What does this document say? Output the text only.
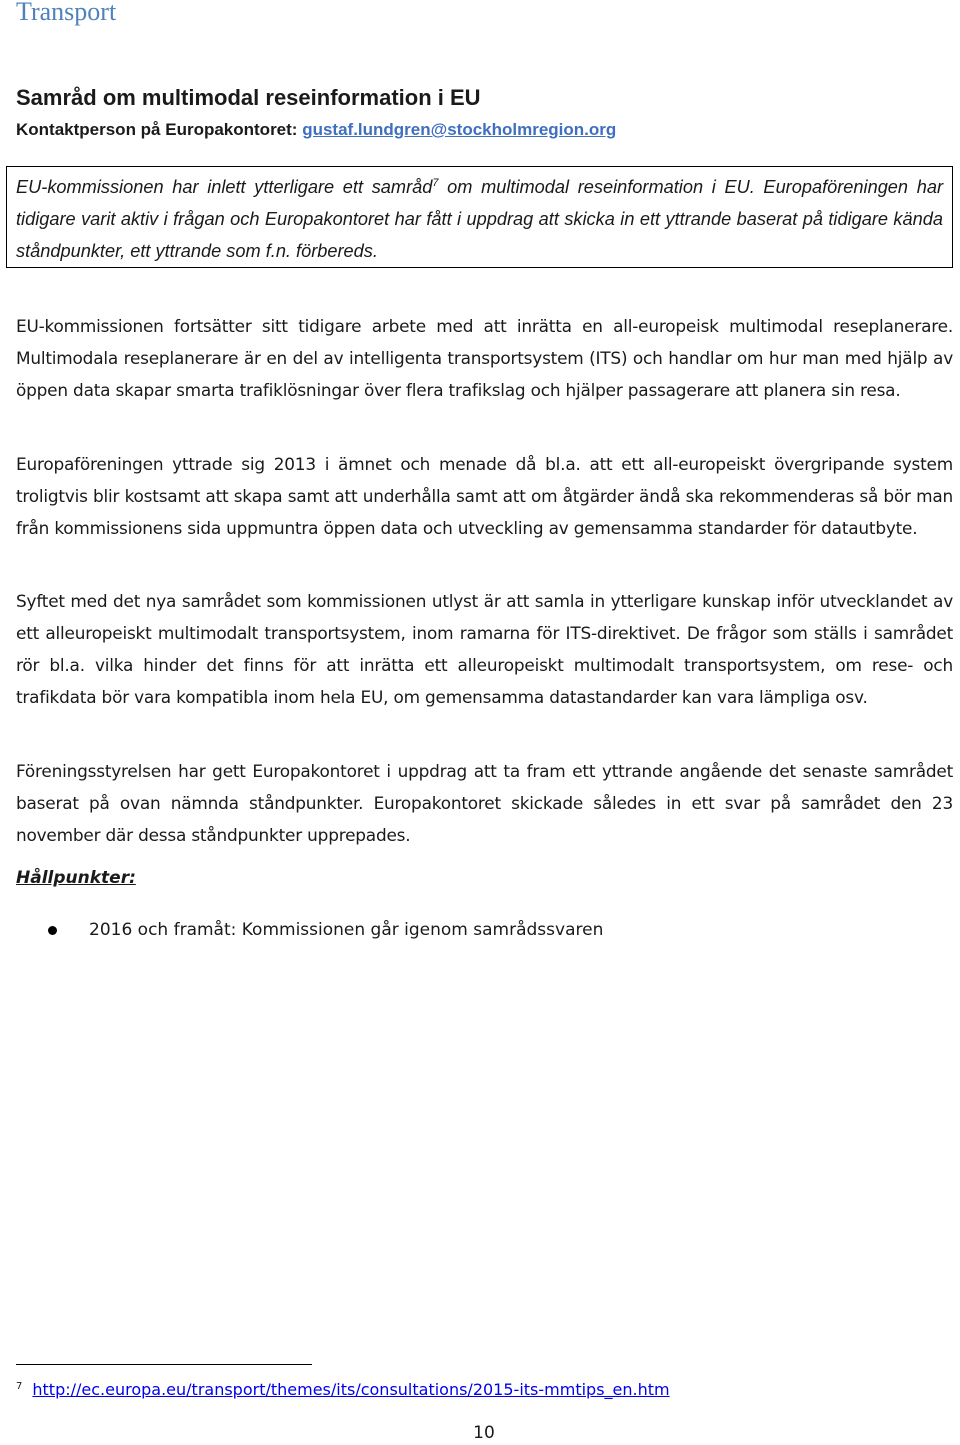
Transport
Samråd om multimodal reseinformation i EU
Kontaktperson på Europakontoret: gustaf.lundgren@stockholmregion.org
EU-kommissionen har inlett ytterligare ett samråd$^7$ om multimodal reseinformation i EU. Europaföreningen har tidigare varit aktiv i frågan och Europakontoret har fått i uppdrag att skicka in ett yttrande baserat på tidigare kända ståndpunkter, ett yttrande som f.n. förbereds.

EU-kommissionen fortsätter sitt tidigare arbete med att inrätta en all-europeisk multimodal reseplanerare. Multimodala reseplanerare är en del av intelligenta transportsystem (ITS) och handlar om hur man med hjälp av öppen data skapar smarta trafiklösningar över flera trafikslag och hjälper passagerare att planera sin resa.

Europaföreningen yttrade sig 2013 i ämnet och menade då bl.a. att ett all-europeiskt övergripande system troligtvis blir kostsamt att skapa samt att underhålla samt att om åtgärder ändå ska rekommenderas så bör man från kommissionens sida uppmuntra öppen data och utveckling av gemensamma standarder för datautbyte.

Syftet med det nya samrådet som kommissionen utlyst är att samla in ytterligare kunskap inför utvecklandet av ett alleuropeiskt multimodalt transportsystem, inom ramarna för ITS-direktivet. De frågor som ställs i samrådet rör bl.a. vilka hinder det finns för att inrätta ett alleuropeiskt multimodalt transportsystem, om rese- och trafikdata bör vara kompatibla inom hela EU, om gemensamma datastandarder kan vara lämpliga osv.

Föreningsstyrelsen har gett Europakontoret i uppdrag att ta fram ett yttrande angående det senaste samrådet baserat på ovan nämnda ståndpunkter. Europakontoret skickade således in ett svar på samrådet den 23 november där dessa ståndpunkter upprepades.

Hållpunkter:
2016 och framåt: Kommissionen går igenom samrådssvaren
$^7$ http://ec.europa.eu/transport/themes/its/consultations/2015-its-mmtips_en.htm
10
